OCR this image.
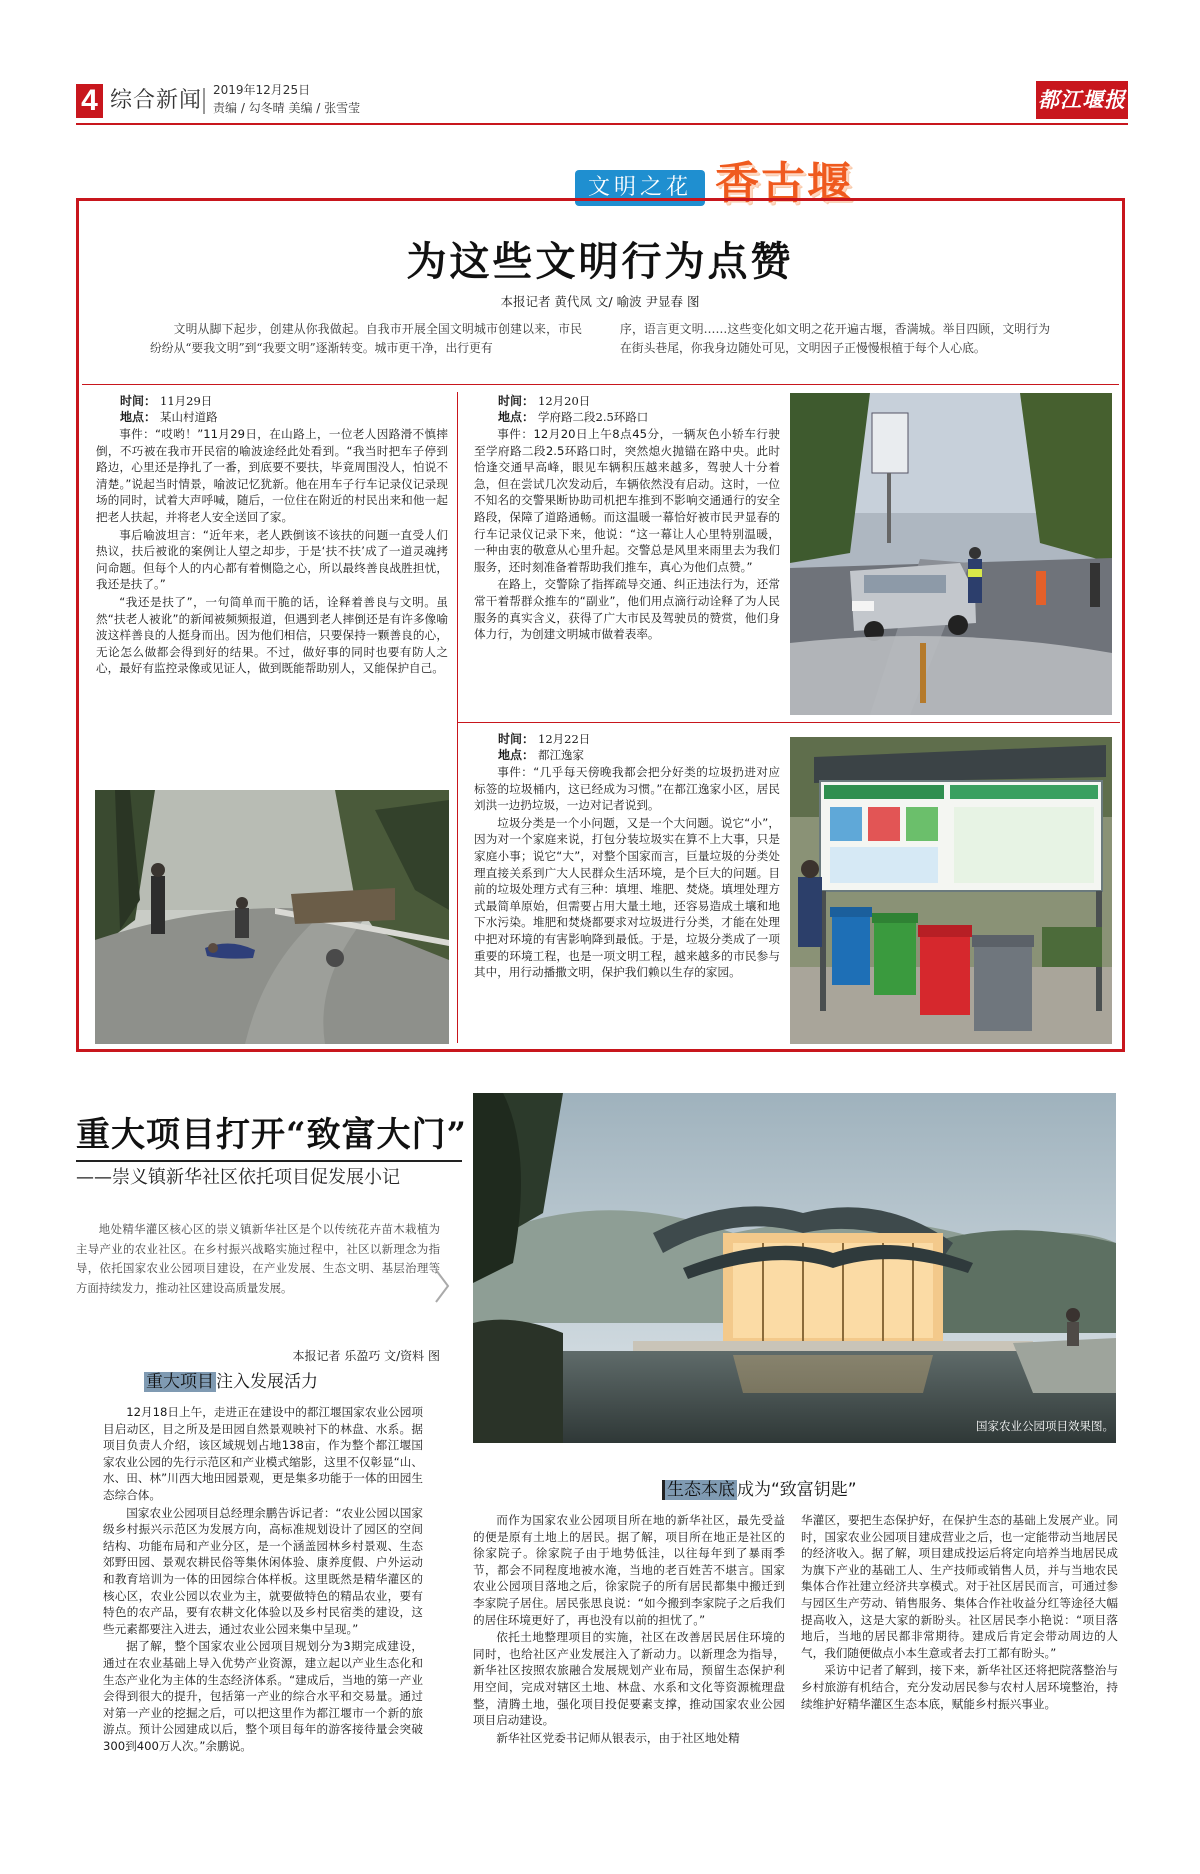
4 综合新闻 2019年12月25日
责编 / 勾冬晴 美编 / 张雪莹	都江堰报
文明之花 香古堰
为这些文明行为点赞
本报记者 黄代凤 文/ 喻波 尹显春 图

文明从脚下起步，创建从你我做起。自我市开展全国文明城市创建以来，市民纷纷从“要我文明”到“我要文明”逐渐转变。城市更干净，出行更有

序，语言更文明……这些变化如文明之花开遍古堰，香满城。举目四顾，文明行为在街头巷尾，你我身边随处可见，文明因子正慢慢根植于每个人心底。

时间： 11月29日
地点： 某山村道路

事件：“哎哟！”11月29日，在山路上，一位老人因路滑不慎摔倒，不巧被在我市开民宿的喻波途经此处看到。“我当时把车子停到路边，心里还是挣扎了一番，到底要不要扶，毕竟周围没人，怕说不清楚。”说起当时情景，喻波记忆犹新。他在用车子行车记录仪记录现场的同时，试着大声呼喊，随后，一位住在附近的村民出来和他一起把老人扶起，并将老人安全送回了家。

事后喻波坦言：“近年来，老人跌倒该不该扶的问题一直受人们热议，扶后被讹的案例让人望之却步，于是‘扶不扶’成了一道灵魂拷问命题。但每个人的内心都有着恻隐之心，所以最终善良战胜担忧，我还是扶了。”

“我还是扶了”，一句简单而干脆的话，诠释着善良与文明。虽然“扶老人被讹”的新闻被频频报道，但遇到老人摔倒还是有许多像喻波这样善良的人挺身而出。因为他们相信，只要保持一颗善良的心，无论怎么做都会得到好的结果。不过，做好事的同时也要有防人之心，最好有监控录像或见证人，做到既能帮助别人，又能保护自己。

时间： 12月20日
地点： 学府路二段2.5环路口

事件：12月20日上午8点45分，一辆灰色小轿车行驶至学府路二段2.5环路口时，突然熄火抛锚在路中央。此时恰逢交通早高峰，眼见车辆积压越来越多，驾驶人十分着急，但在尝试几次发动后，车辆依然没有启动。这时，一位不知名的交警果断协助司机把车推到不影响交通通行的安全路段，保障了道路通畅。而这温暖一幕恰好被市民尹显春的行车记录仪记录下来，他说：“这一幕让人心里特别温暖，一种由衷的敬意从心里升起。交警总是风里来雨里去为我们服务，还时刻准备着帮助我们推车，真心为他们点赞。”

在路上，交警除了指挥疏导交通、纠正违法行为，还常常干着帮群众推车的“副业”，他们用点滴行动诠释了为人民服务的真实含义，获得了广大市民及驾驶员的赞赏，他们身体力行，为创建文明城市做着表率。

时间： 12月22日
地点： 都江逸家

事件：“几乎每天傍晚我都会把分好类的垃圾扔进对应标签的垃圾桶内，这已经成为习惯。”在都江逸家小区，居民刘洪一边扔垃圾，一边对记者说到。

垃圾分类是一个小问题，又是一个大问题。说它“小”，因为对一个家庭来说，打包分装垃圾实在算不上大事，只是家庭小事；说它“大”，对整个国家而言，巨量垃圾的分类处理直接关系到广大人民群众生活环境，是个巨大的问题。目前的垃圾处理方式有三种：填埋、堆肥、焚烧。填埋处理方式最简单原始，但需要占用大量土地，还容易造成土壤和地下水污染。堆肥和焚烧都要求对垃圾进行分类，才能在处理中把对环境的有害影响降到最低。于是，垃圾分类成了一项重要的环境工程，也是一项文明工程，越来越多的市民参与其中，用行动播撒文明，保护我们赖以生存的家园。

重大项目打开“致富大门”
——崇义镇新华社区依托项目促发展小记

地处精华灌区核心区的崇义镇新华社区是个以传统花卉苗木栽植为主导产业的农业社区。在乡村振兴战略实施过程中，社区以新理念为指导，依托国家农业公园项目建设，在产业发展、生态文明、基层治理等方面持续发力，推动社区建设高质量发展。

本报记者 乐盈巧 文/资料 图
国家农业公园项目效果图。
重大项目 注入发展活力

12月18日上午，走进正在建设中的都江堰国家农业公园项目启动区，目之所及是田园自然景观映衬下的林盘、水系。据项目负责人介绍，该区域规划占地138亩，作为整个都江堰国家农业公园的先行示范区和产业模式缩影，这里不仅彰显“山、水、田、林”川西大地田园景观，更是集多功能于一体的田园生态综合体。

国家农业公园项目总经理余鹏告诉记者：“农业公园以国家级乡村振兴示范区为发展方向，高标准规划设计了园区的空间结构、功能布局和产业分区，是一个涵盖园林乡村景观、生态郊野田园、景观农耕民俗等集休闲体验、康养度假、户外运动和教育培训为一体的田园综合体样板。这里既然是精华灌区的核心区，农业公园以农业为主，就要做特色的精品农业，要有特色的农产品，要有农耕文化体验以及乡村民宿类的建设，这些元素都要注入进去，通过农业公园来集中呈现。”

据了解，整个国家农业公园项目规划分为3期完成建设，通过在农业基础上导入优势产业资源，建立起以产业生态化和生态产业化为主体的生态经济体系。“建成后，当地的第一产业会得到很大的提升，包括第一产业的综合水平和交易量。通过对第一产业的挖掘之后，可以把这里作为都江堰市一个新的旅游点。预计公园建成以后，整个项目每年的游客接待量会突破300到400万人次。”余鹏说。

生态本底 成为“致富钥匙”

而作为国家农业公园项目所在地的新华社区，最先受益的便是原有土地上的居民。据了解，项目所在地正是社区的徐家院子。徐家院子由于地势低洼，以往每年到了暴雨季节，都会不同程度地被水淹，当地的老百姓苦不堪言。国家农业公园项目落地之后，徐家院子的所有居民都集中搬迁到李家院子居住。居民张思良说：“如今搬到李家院子之后我们的居住环境更好了，再也没有以前的担忧了。”

依托土地整理项目的实施，社区在改善居民居住环境的同时，也给社区产业发展注入了新动力。以新理念为指导，新华社区按照农旅融合发展规划产业布局，预留生态保护利用空间，完成对辖区土地、林盘、水系和文化等资源梳理盘整，清腾土地，强化项目投促要素支撑，推动国家农业公园项目启动建设。

新华社区党委书记师从银表示，由于社区地处精

华灌区，要把生态保护好，在保护生态的基础上发展产业。同时，国家农业公园项目建成营业之后，也一定能带动当地居民的经济收入。据了解，项目建成投运后将定向培养当地居民成为旗下产业的基础工人、生产技师或销售人员，并与当地农民集体合作社建立经济共享模式。对于社区居民而言，可通过参与园区生产劳动、销售服务、集体合作社收益分红等途径大幅提高收入，这是大家的新盼头。社区居民李小艳说：“项目落地后，当地的居民都非常期待。建成后肯定会带动周边的人气，我们随便做点小本生意或者去打工都有盼头。”

采访中记者了解到，接下来，新华社区还将把院落整治与乡村旅游有机结合，充分发动居民参与农村人居环境整治，持续维护好精华灌区生态本底，赋能乡村振兴事业。
